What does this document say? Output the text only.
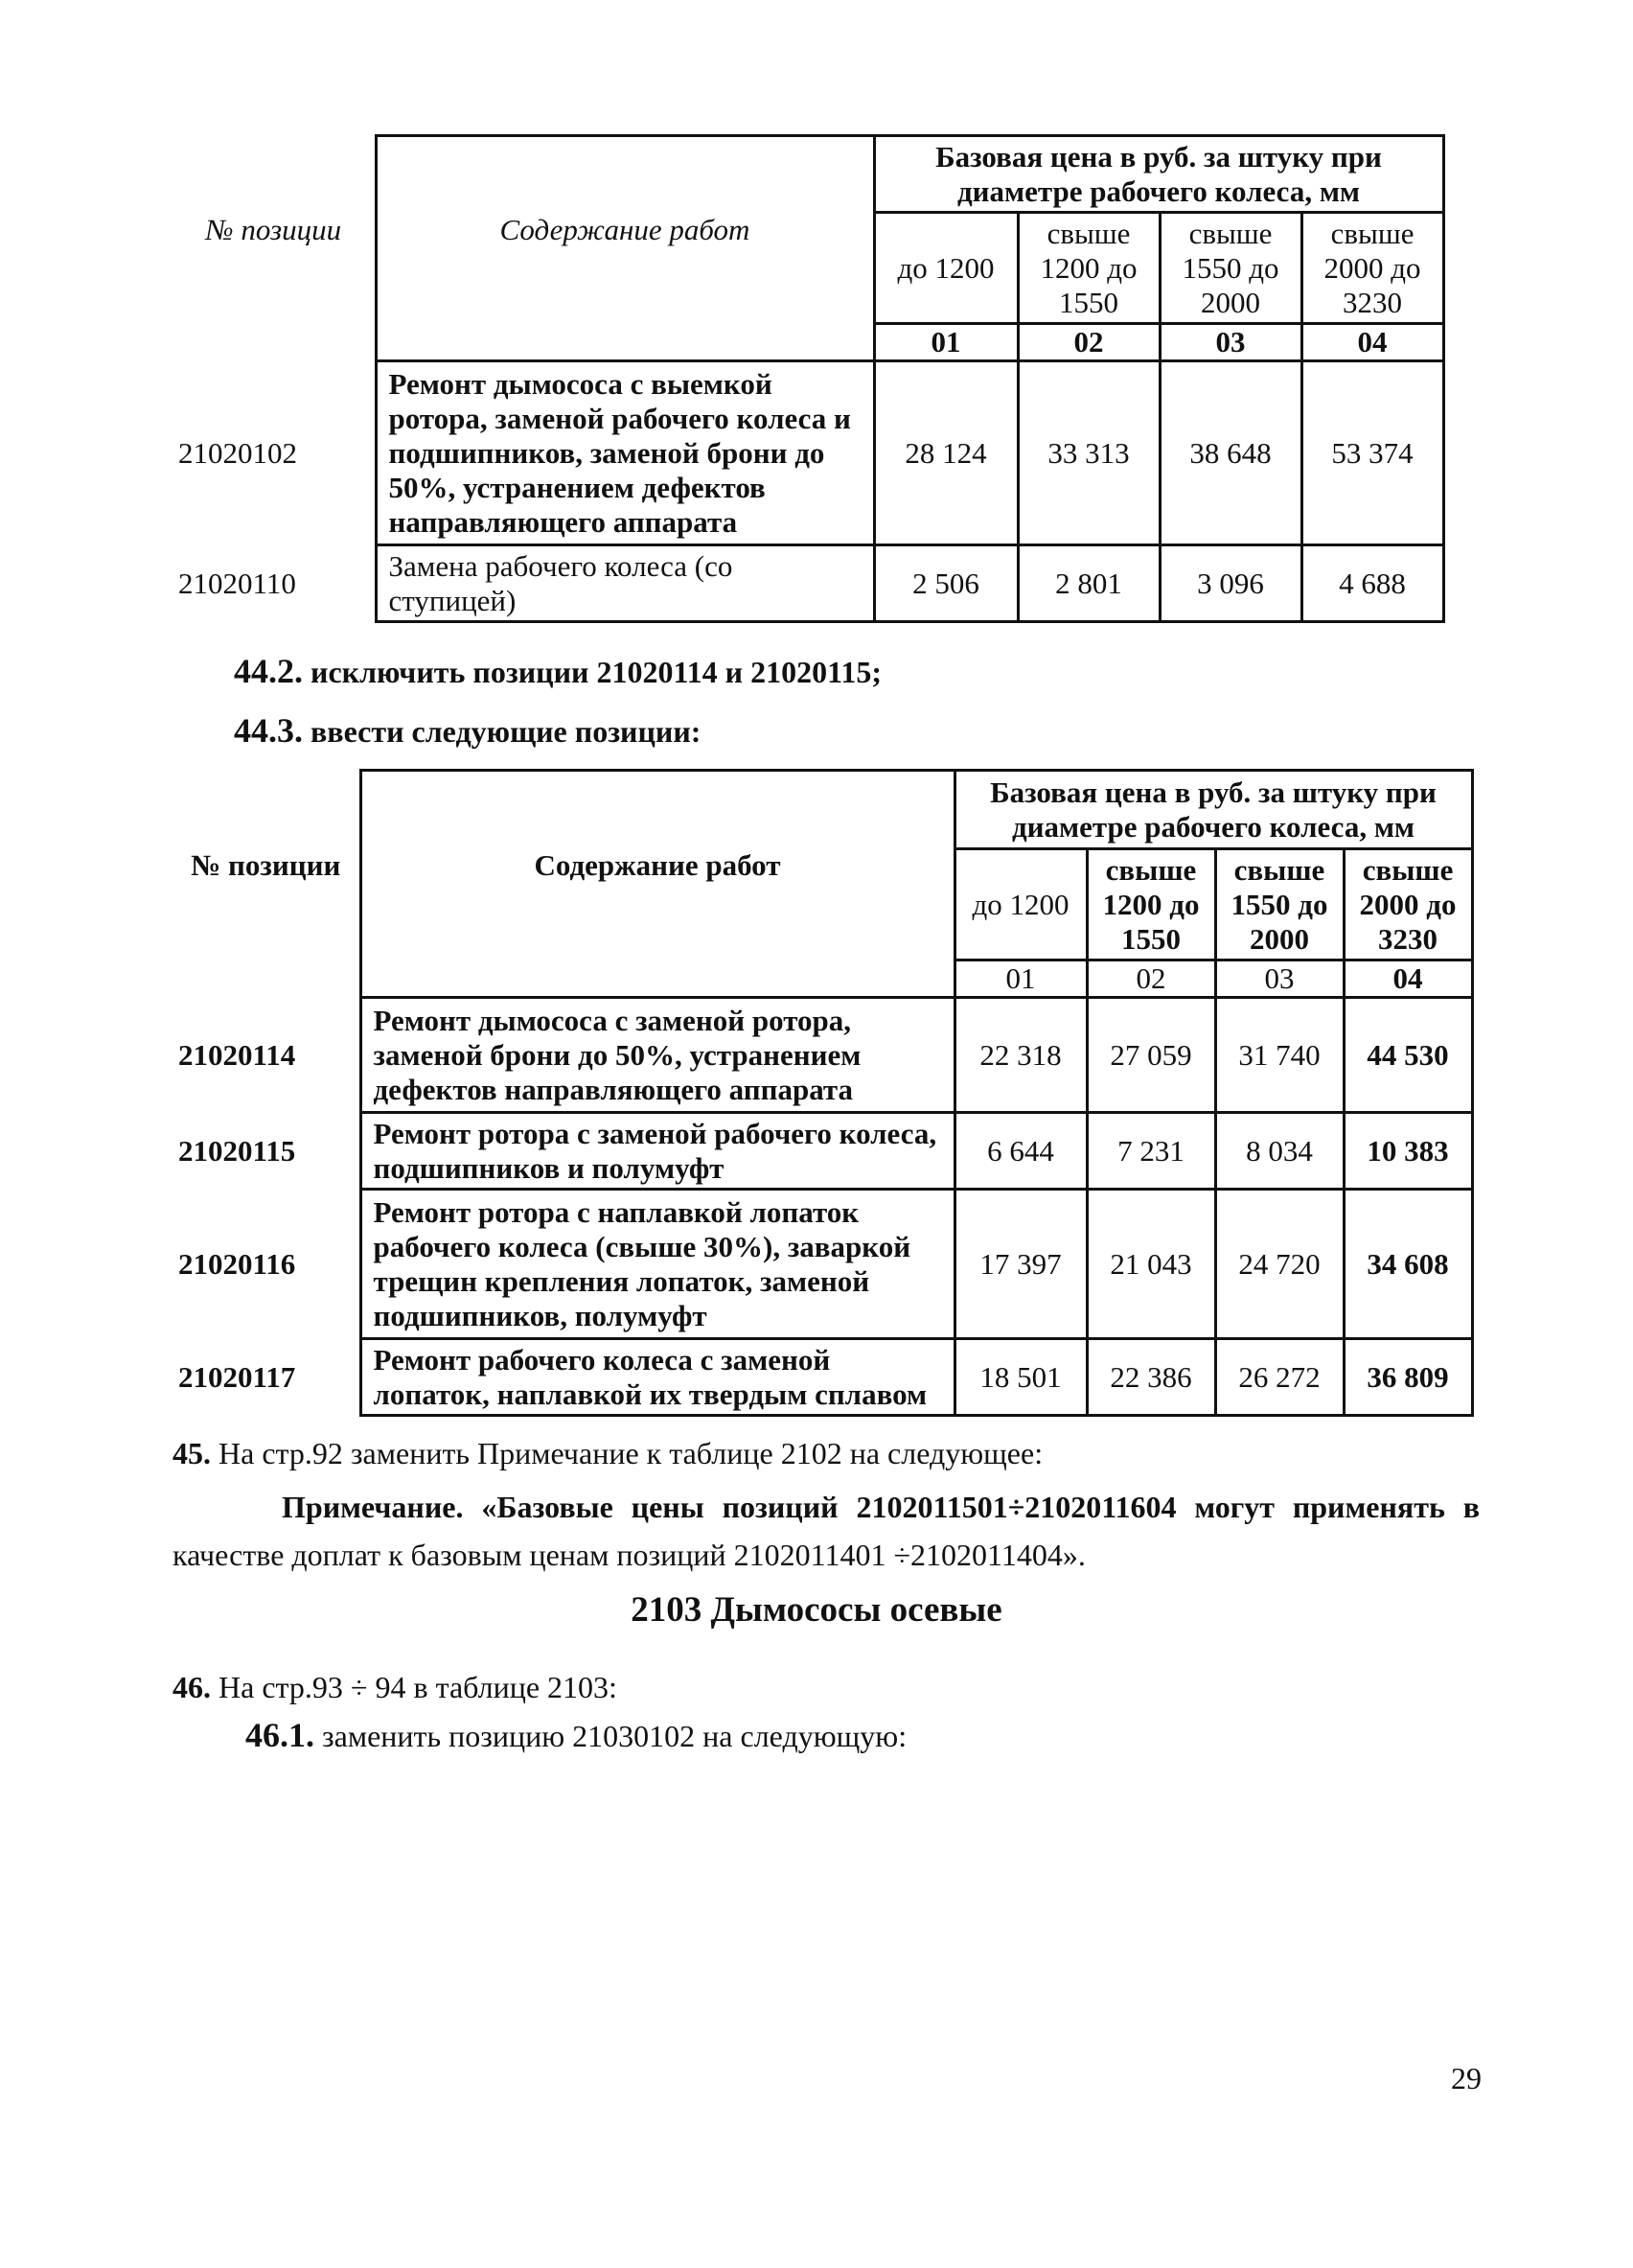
№ позиции	Содержание работ	Базовая цена в руб. за штуку при диаметре рабочего колеса, мм			
		до 1200	свыше 1200 до 1550	свыше 1550 до 2000	свыше 2000 до 3230
		01	02	03	04
21020102	Ремонт дымососа с выемкой ротора, заменой рабочего колеса и подшипников, заменой брони до 50%, устранением дефектов направляющего аппарата	28 124	33 313	38 648	53 374
21020110	Замена рабочего колеса (со ступицей)	2 506	2 801	3 096	4 688
44.2. исключить позиции 21020114 и 21020115;
44.3. ввести следующие позиции:
№ позиции	Содержание работ	Базовая цена в руб. за штуку при диаметре рабочего колеса, мм			
		до 1200	свыше 1200 до 1550	свыше 1550 до 2000	свыше 2000 до 3230
		01	02	03	04
21020114	Ремонт дымососа с заменой ротора, заменой брони до 50%, устранением дефектов направляющего аппарата	22 318	27 059	31 740	44 530
21020115	Ремонт ротора с заменой рабочего колеса, подшипников и полумуфт	6 644	7 231	8 034	10 383
21020116	Ремонт ротора с наплавкой лопаток рабочего колеса (свыше 30%), заваркой трещин крепления лопаток, заменой подшипников, полумуфт	17 397	21 043	24 720	34 608
21020117	Ремонт рабочего колеса с заменой лопаток, наплавкой их твердым сплавом	18 501	22 386	26 272	36 809
45. На стр.92 заменить Примечание к таблице 2102 на следующее:
Примечание. «Базовые цены позиций 2102011501÷2102011604 могут применять в
качестве доплат к базовым ценам позиций 2102011401 ÷2102011404».
2103 Дымососы осевые
46. На стр.93 ÷ 94 в таблице 2103:
46.1. заменить позицию 21030102 на следующую:
29
